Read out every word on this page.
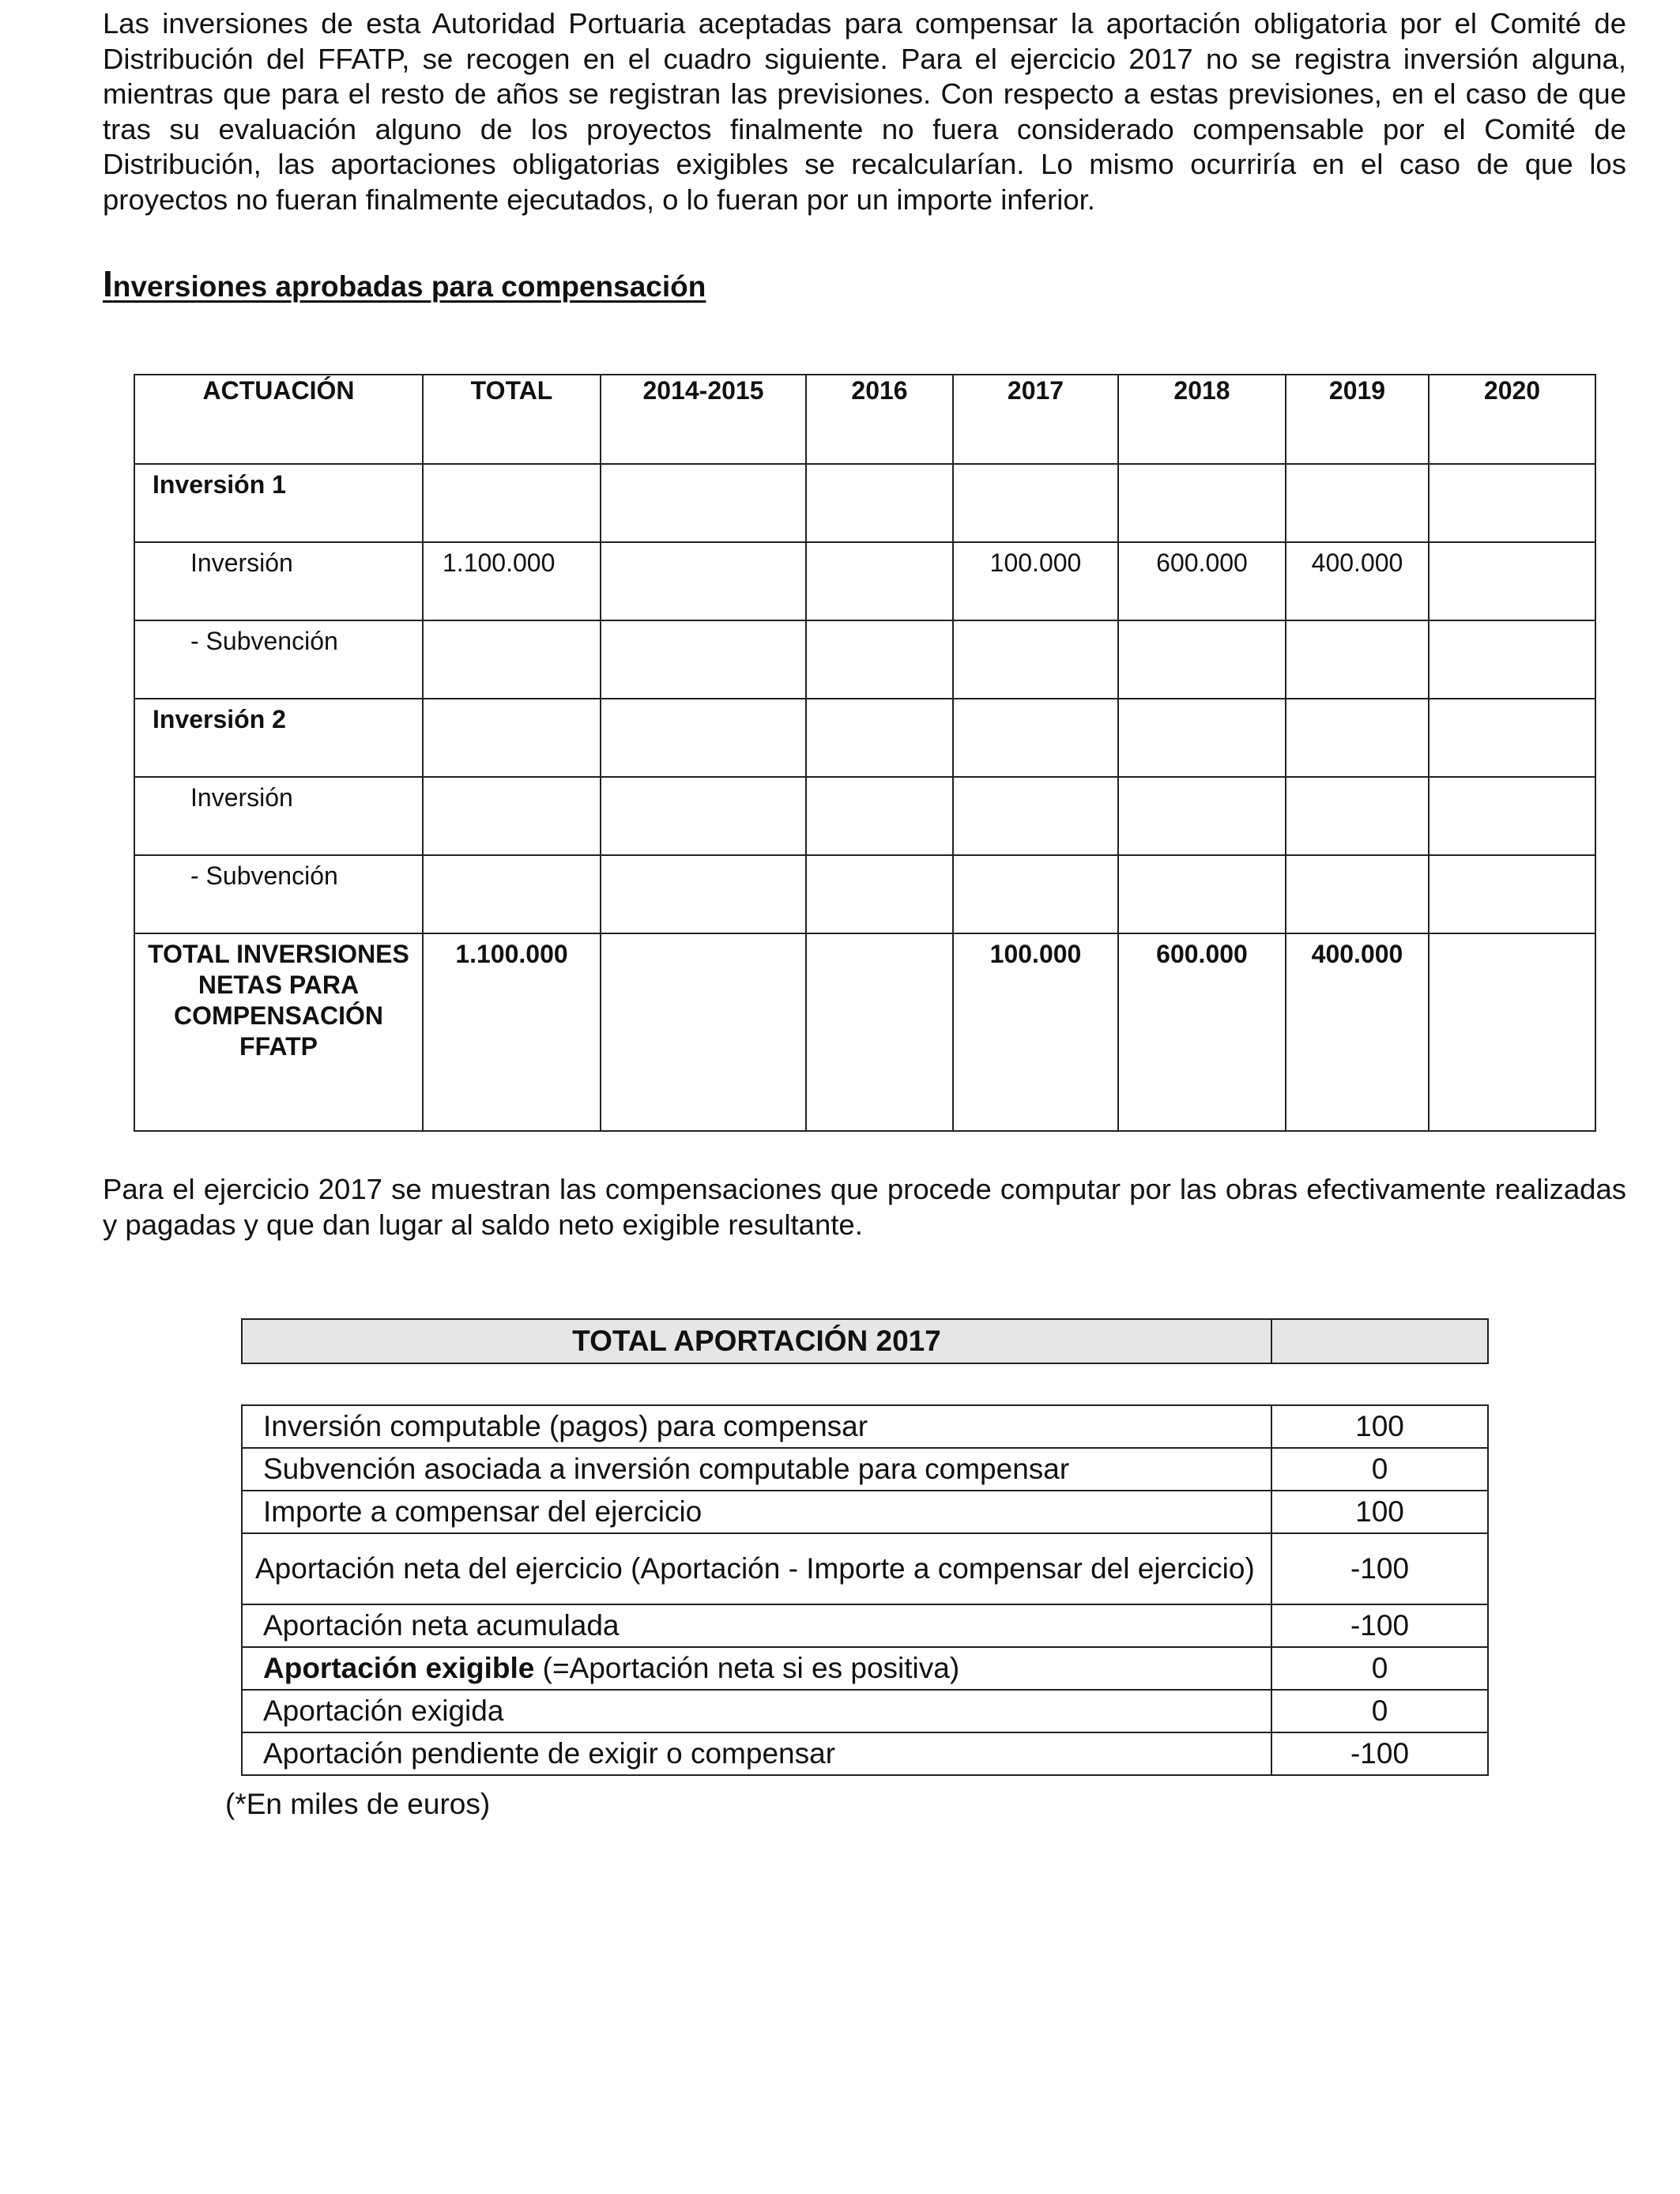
Las inversiones de esta Autoridad Portuaria aceptadas para compensar la aportación obligatoria por el Comité de Distribución del FFATP, se recogen en el cuadro siguiente. Para el ejercicio 2017 no se registra inversión alguna, mientras que para el resto de años se registran las previsiones. Con respecto a estas previsiones, en el caso de que tras su evaluación alguno de los proyectos finalmente no fuera considerado compensable por el Comité de Distribución, las aportaciones obligatorias exigibles se recalcularían. Lo mismo ocurriría en el caso de que los proyectos no fueran finalmente ejecutados, o lo fueran por un importe inferior.

Inversiones aprobadas para compensación

ACTUACIÓN	TOTAL	2014-2015	2016	2017	2018	2019	2020
Inversión 1							
Inversión	1.100.000			100.000	600.000	400.000	
- Subvención							
Inversión 2							
Inversión							
- Subvención							
TOTAL INVERSIONES NETAS PARA COMPENSACIÓN FFATP	1.100.000			100.000	600.000	400.000	

Para el ejercicio 2017 se muestran las compensaciones que procede computar por las obras efectivamente realizadas y pagadas y que dan lugar al saldo neto exigible resultante.

TOTAL APORTACIÓN 2017	
Inversión computable (pagos) para compensar	100
Subvención asociada a inversión computable para compensar	0
Importe a compensar del ejercicio	100
Aportación neta del ejercicio (Aportación - Importe a compensar del ejercicio)	-100
Aportación neta acumulada	-100
Aportación exigible (=Aportación neta si es positiva)	0
Aportación exigida	0
Aportación pendiente de exigir o compensar	-100

(*En miles de euros)
